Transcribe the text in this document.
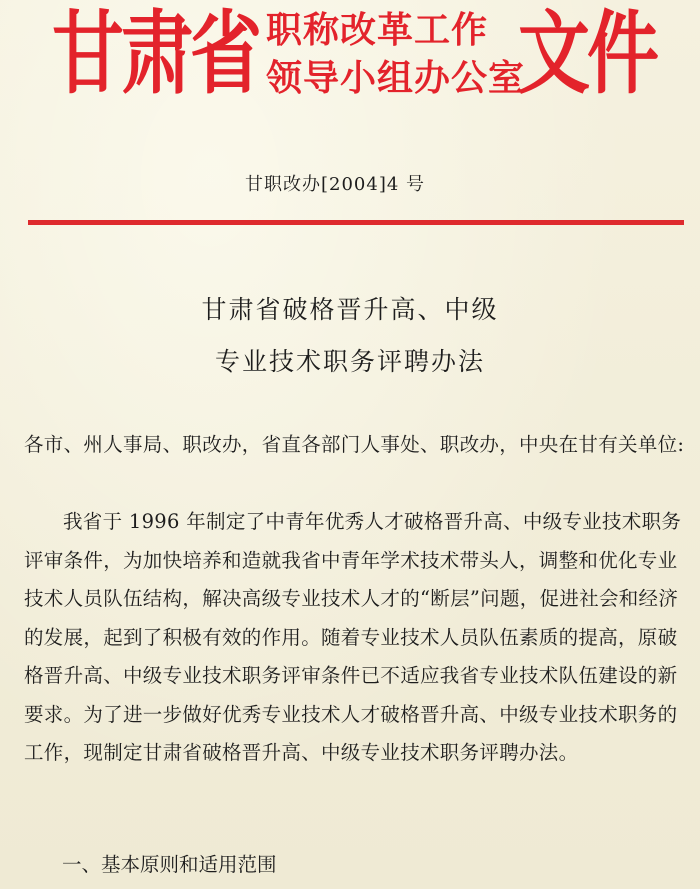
甘肃省 职称改革工作
领导小组办公室
文件
甘职改办[2004]4 号
甘肃省破格晋升高、中级
专业技术职务评聘办法

各市、州人事局、职改办，省直各部门人事处、职改办，中央在甘有关单位:

我省于 1996 年制定了中青年优秀人才破格晋升高、中级专业技术职务评审条件，为加快培养和造就我省中青年学术技术带头人，调整和优化专业技术人员队伍结构，解决高级专业技术人才的“断层”问题，促进社会和经济的发展，起到了积极有效的作用。随着专业技术人员队伍素质的提高，原破格晋升高、中级专业技术职务评审条件已不适应我省专业技术队伍建设的新要求。为了进一步做好优秀专业技术人才破格晋升高、中级专业技术职务的工作，现制定甘肃省破格晋升高、中级专业技术职务评聘办法。

一、基本原则和适用范围
